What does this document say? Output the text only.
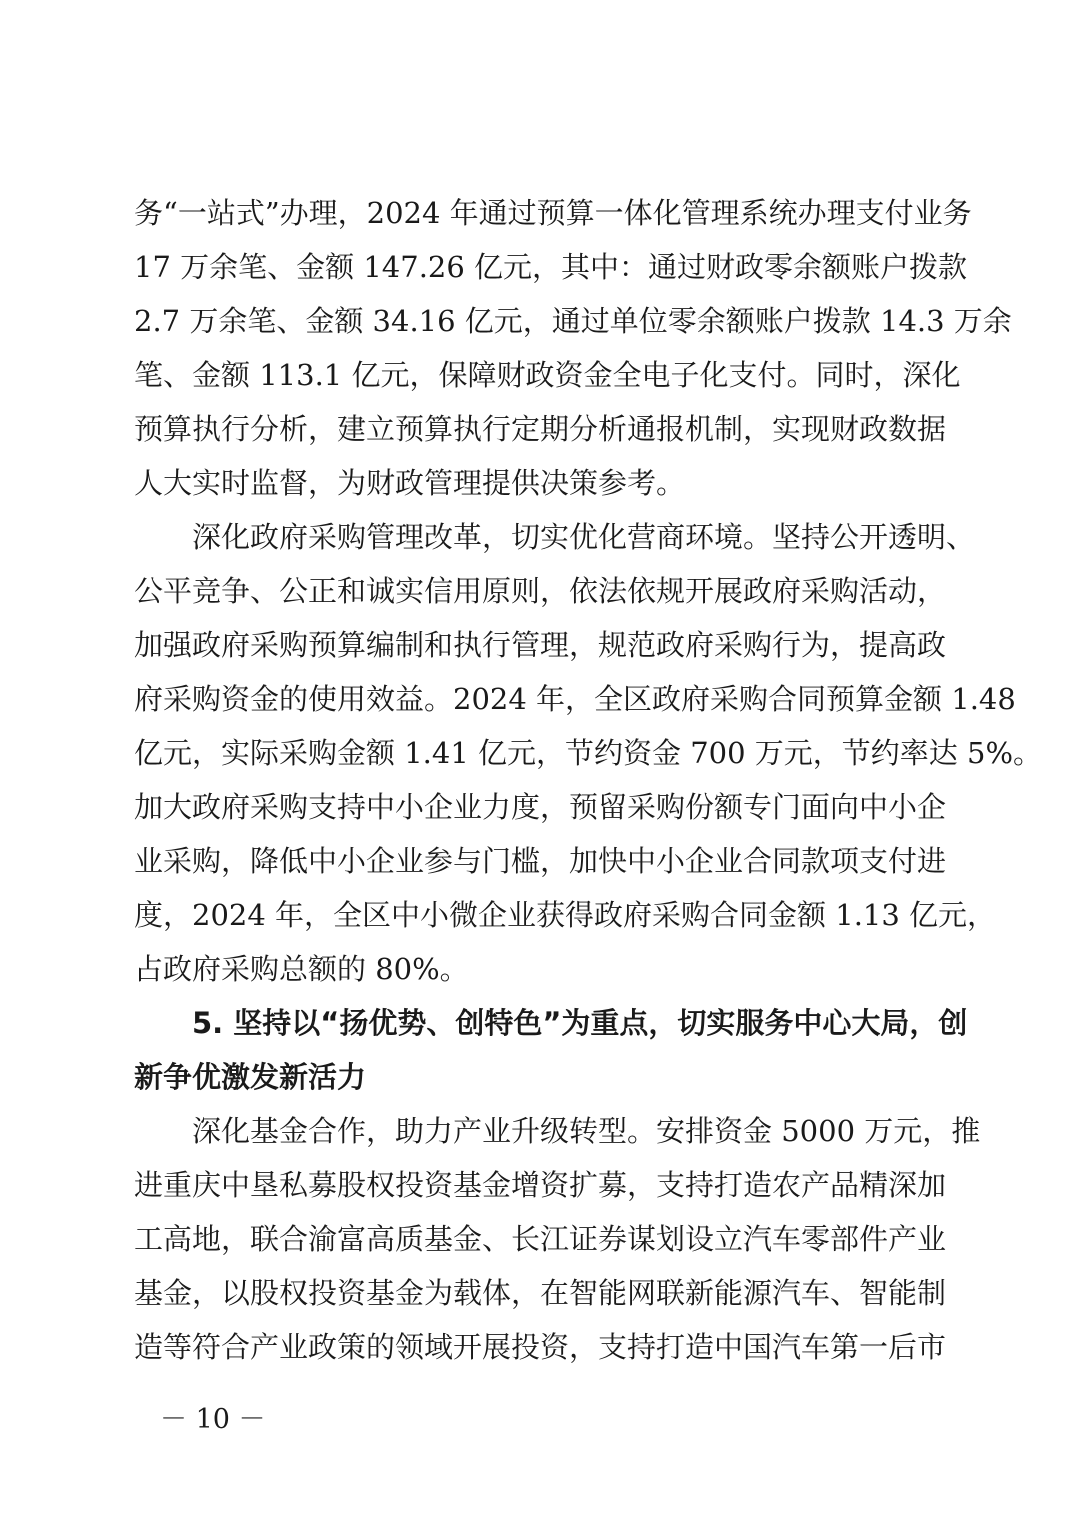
务“一站式”办理，2024 年通过预算一体化管理系统办理支付业务
17 万余笔、金额 147.26 亿元，其中：通过财政零余额账户拨款
2.7 万余笔、金额 34.16 亿元，通过单位零余额账户拨款 14.3 万余
笔、金额 113.1 亿元，保障财政资金全电子化支付。同时，深化
预算执行分析，建立预算执行定期分析通报机制，实现财政数据
人大实时监督，为财政管理提供决策参考。
深化政府采购管理改革，切实优化营商环境。坚持公开透明、
公平竞争、公正和诚实信用原则，依法依规开展政府采购活动，
加强政府采购预算编制和执行管理，规范政府采购行为，提高政
府采购资金的使用效益。2024 年，全区政府采购合同预算金额 1.48
亿元，实际采购金额 1.41 亿元，节约资金 700 万元，节约率达 5%。
加大政府采购支持中小企业力度，预留采购份额专门面向中小企
业采购，降低中小企业参与门槛，加快中小企业合同款项支付进
度，2024 年，全区中小微企业获得政府采购合同金额 1.13 亿元，
占政府采购总额的 80%。
5. 坚持以“扬优势、创特色”为重点，切实服务中心大局，创
新争优激发新活力
深化基金合作，助力产业升级转型。安排资金 5000 万元，推
进重庆中垦私募股权投资基金增资扩募，支持打造农产品精深加
工高地，联合渝富高质基金、长江证券谋划设立汽车零部件产业
基金，以股权投资基金为载体，在智能网联新能源汽车、智能制
造等符合产业政策的领域开展投资，支持打造中国汽车第一后市
－ 10 －
